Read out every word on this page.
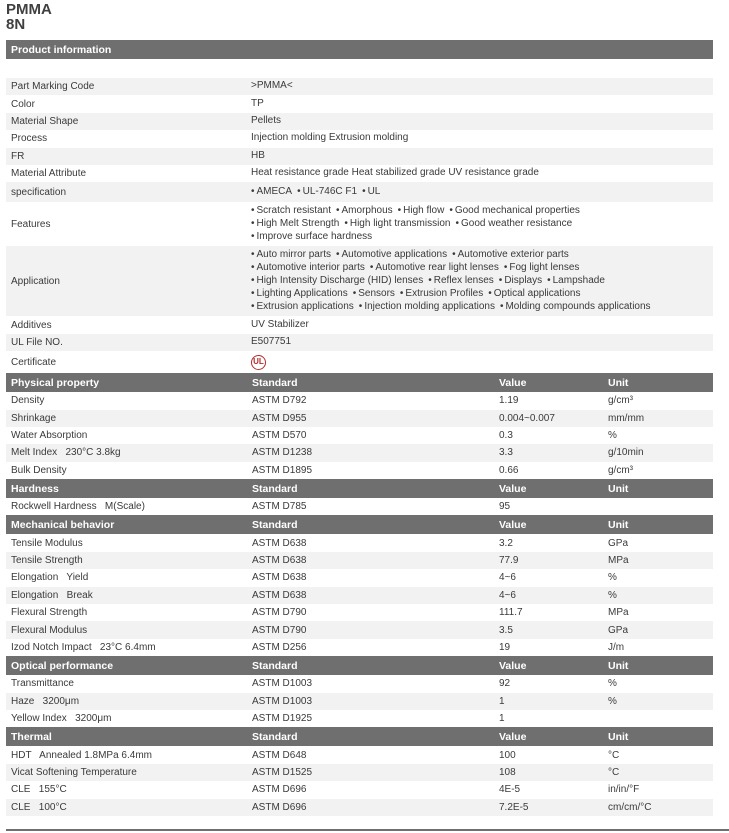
PMMA
8N
Product information
Part Marking Code	>PMMA<
Color	TP
Material Shape	Pellets
Process	Injection molding Extrusion molding
FR	HB
Material Attribute	Heat resistance grade Heat stabilized grade UV resistance grade
specification	• AMECA • UL-746C F1 • UL
Features
• Scratch resistant • Amorphous • High flow • Good mechanical properties
• High Melt Strength • High light transmission • Good weather resistance
• Improve surface hardness
Application
• Auto mirror parts • Automotive applications • Automotive exterior parts
• Automotive interior parts • Automotive rear light lenses • Fog light lenses
• High Intensity Discharge (HID) lenses • Reflex lenses • Displays • Lampshade
• Lighting Applications • Sensors • Extrusion Profiles • Optical applications
• Extrusion applications • Injection molding applications • Molding compounds applications
Additives	UV Stabilizer
UL File NO.	E507751
Certificate	UL
Physical property	Standard	Value	Unit
Density	ASTM D792	1.19	g/cm³
Shrinkage	ASTM D955	0.004~0.007	mm/mm
Water Absorption	ASTM D570	0.3	%
Melt Index   230°C 3.8kg	ASTM D1238	3.3	g/10min
Bulk Density	ASTM D1895	0.66	g/cm³
Hardness	Standard	Value	Unit
Rockwell Hardness   M(Scale)	ASTM D785	95
Mechanical behavior	Standard	Value	Unit
Tensile Modulus	ASTM D638	3.2	GPa
Tensile Strength	ASTM D638	77.9	MPa
Elongation   Yield	ASTM D638	4~6	%
Elongation   Break	ASTM D638	4~6	%
Flexural Strength	ASTM D790	111.7	MPa
Flexural Modulus	ASTM D790	3.5	GPa
Izod Notch Impact   23°C 6.4mm	ASTM D256	19	J/m
Optical performance	Standard	Value	Unit
Transmittance	ASTM D1003	92	%
Haze   3200μm	ASTM D1003	1	%
Yellow Index   3200μm	ASTM D1925	1
Thermal	Standard	Value	Unit
HDT   Annealed 1.8MPa 6.4mm	ASTM D648	100	°C
Vicat Softening Temperature	ASTM D1525	108	°C
CLE   155°C	ASTM D696	4E-5	in/in/°F
CLE   100°C	ASTM D696	7.2E-5	cm/cm/°C
